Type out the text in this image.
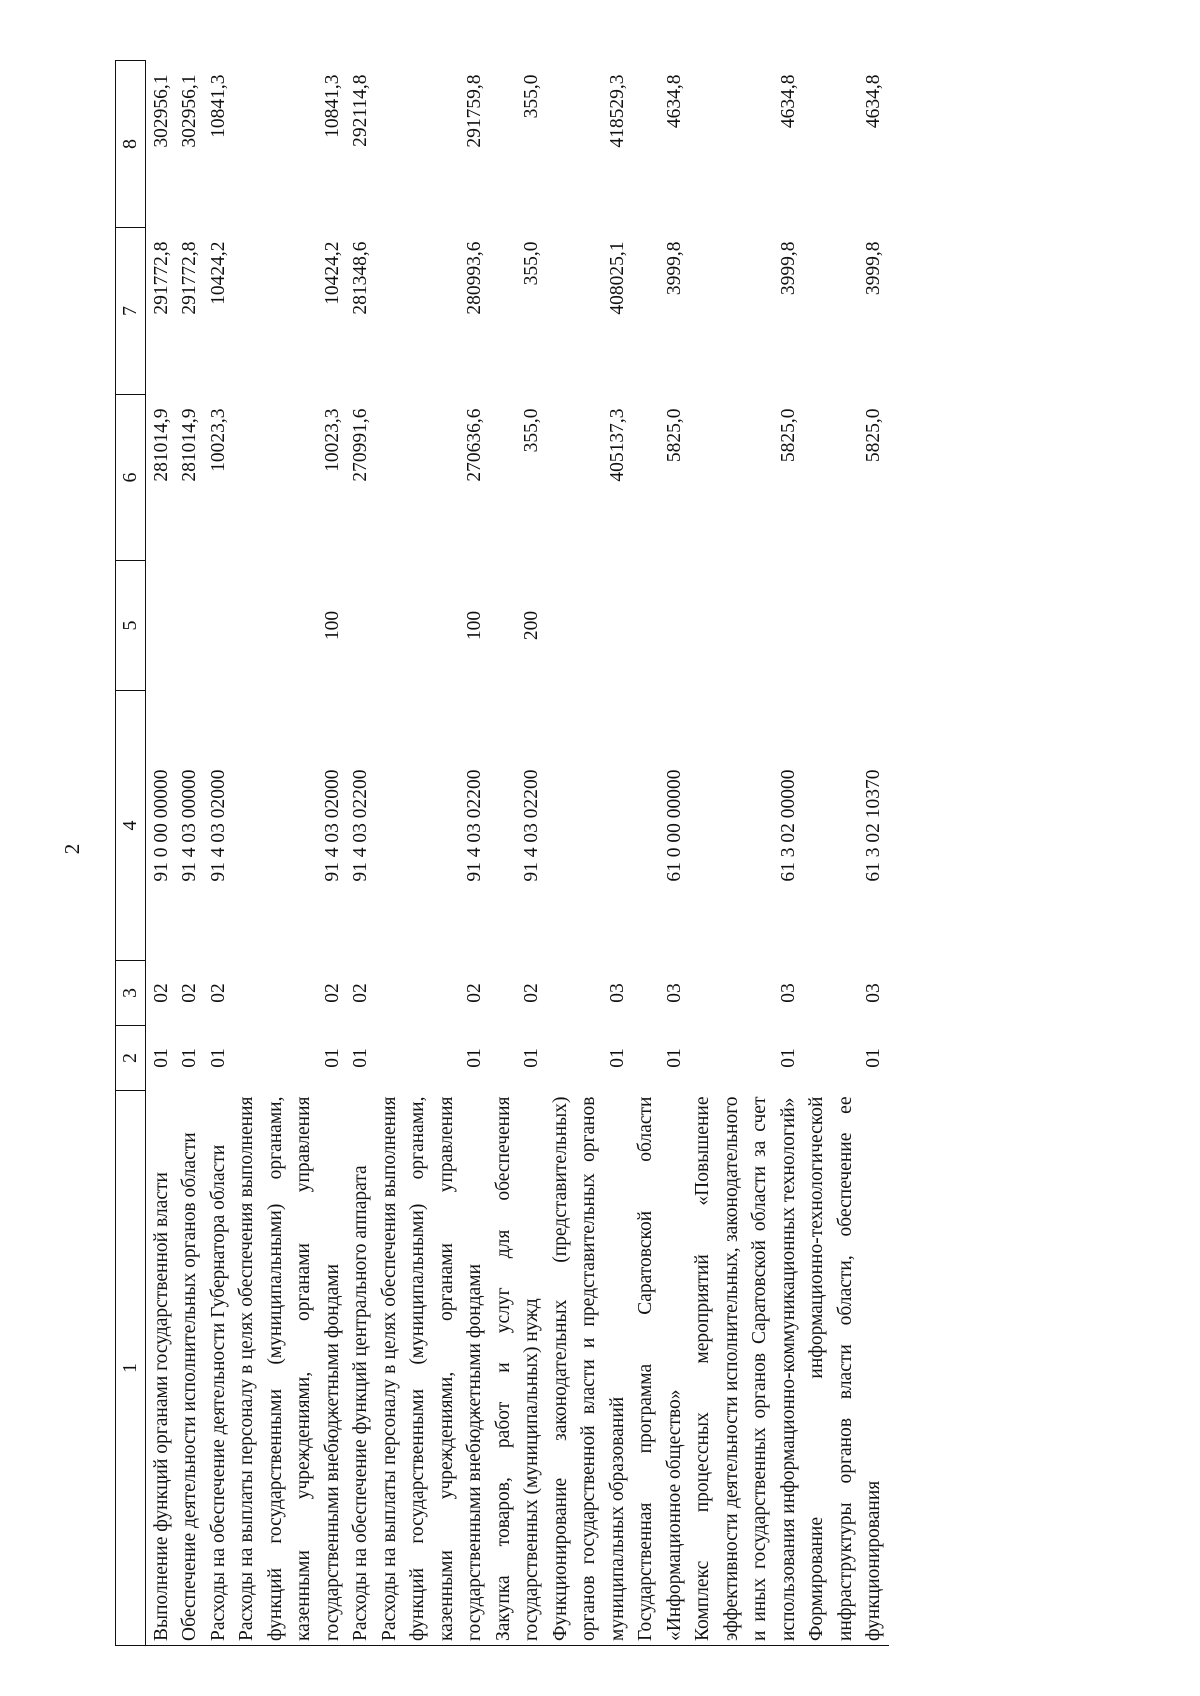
2
1	2	3	4	5	6	7	8
Выполнение функций органами государственной власти	01	02	91 0 00 00000		281014,9	291772,8	302956,1
Обеспечение деятельности исполнительных органов области	01	02	91 4 03 00000		281014,9	291772,8	302956,1
Расходы на обеспечение деятельности Губернатора области	01	02	91 4 03 02000		10023,3	10424,2	10841,3
Расходы на выплаты персоналу в целях обеспечения выполнения функций государственными (муниципальными) органами, казенными учреждениями, органами управления государственными внебюджетными фондами	01	02	91 4 03 02000	100	10023,3	10424,2	10841,3
Расходы на обеспечение функций центрального аппарата	01	02	91 4 03 02200		270991,6	281348,6	292114,8
Расходы на выплаты персоналу в целях обеспечения выполнения функций государственными (муниципальными) органами, казенными учреждениями, органами управления государственными внебюджетными фондами	01	02	91 4 03 02200	100	270636,6	280993,6	291759,8
Закупка товаров, работ и услуг для обеспечения государственных (муниципальных) нужд	01	02	91 4 03 02200	200	355,0	355,0	355,0
Функционирование законодательных (представительных) органов государственной власти и представительных органов муниципальных образований	01	03			405137,3	408025,1	418529,3
Государственная программа Саратовской области «Информационное общество»	01	03	61 0 00 00000		5825,0	3999,8	4634,8
Комплекс процессных мероприятий «Повышение эффективности деятельности исполнительных, законодательного и иных государственных органов Саратовской области за счет использования информационно-коммуникационных технологий»	01	03	61 3 02 00000		5825,0	3999,8	4634,8
Формирование информационно-технологической инфраструктуры органов власти области, обеспечение ее функционирования	01	03	61 3 02 10370		5825,0	3999,8	4634,8
